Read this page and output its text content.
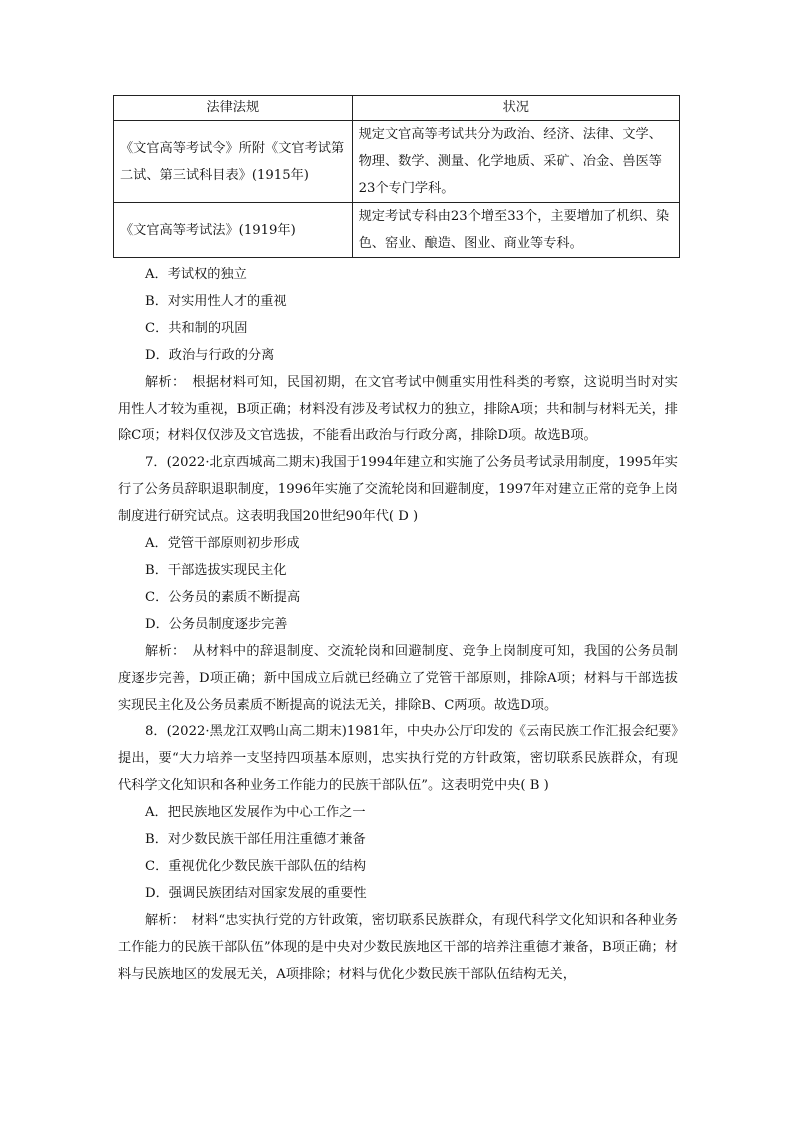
法律法规	状况
《文官高等考试令》所附《文官考试第二试、第三试科目表》(1915年)	规定文官高等考试共分为政治、经济、法律、文学、物理、数学、测量、化学地质、采矿、冶金、兽医等23个专门学科。
《文官高等考试法》(1919年)	规定考试专科由23个增至33个，主要增加了机织、染色、窑业、酿造、图业、商业等专科。

A．考试权的独立

B．对实用性人才的重视

C．共和制的巩固

D．政治与行政的分离

解析：　根据材料可知，民国初期，在文官考试中侧重实用性科类的考察，这说明当时对实用性人才较为重视，B项正确；材料没有涉及考试权力的独立，排除A项；共和制与材料无关，排除C项；材料仅仅涉及文官选拔，不能看出政治与行政分离，排除D项。故选B项。

7．(2022·北京西城高二期末)我国于1994年建立和实施了公务员考试录用制度，1995年实行了公务员辞职退职制度，1996年实施了交流轮岗和回避制度，1997年对建立正常的竞争上岗制度进行研究试点。这表明我国20世纪90年代( D )

A．党管干部原则初步形成

B．干部选拔实现民主化

C．公务员的素质不断提高

D．公务员制度逐步完善

解析：　从材料中的辞退制度、交流轮岗和回避制度、竞争上岗制度可知，我国的公务员制度逐步完善，D项正确；新中国成立后就已经确立了党管干部原则，排除A项；材料与干部选拔实现民主化及公务员素质不断提高的说法无关，排除B、C两项。故选D项。

8．(2022·黑龙江双鸭山高二期末)1981年，中央办公厅印发的《云南民族工作汇报会纪要》提出，要“大力培养一支坚持四项基本原则，忠实执行党的方针政策，密切联系民族群众，有现代科学文化知识和各种业务工作能力的民族干部队伍”。这表明党中央( B )

A．把民族地区发展作为中心工作之一

B．对少数民族干部任用注重德才兼备

C．重视优化少数民族干部队伍的结构

D．强调民族团结对国家发展的重要性

解析：　材料“忠实执行党的方针政策，密切联系民族群众，有现代科学文化知识和各种业务工作能力的民族干部队伍”体现的是中央对少数民族地区干部的培养注重德才兼备，B项正确；材料与民族地区的发展无关，A项排除；材料与优化少数民族干部队伍结构无关，
